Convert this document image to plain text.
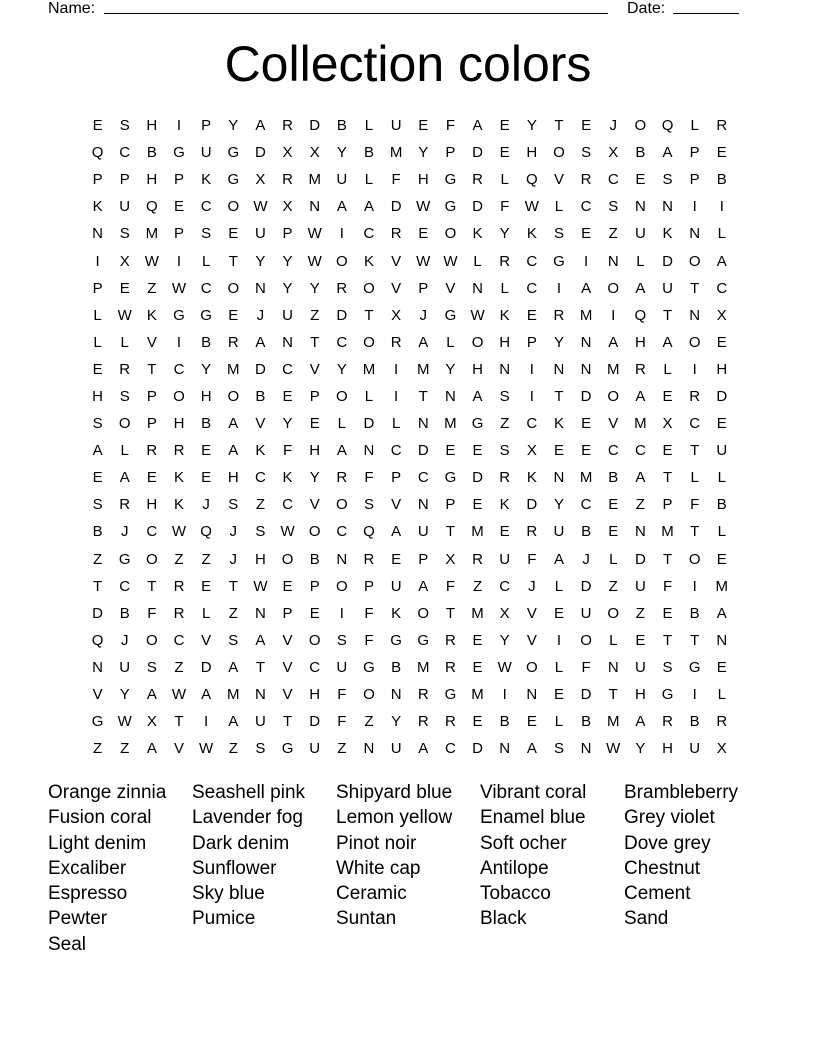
Name:	Date:
Collection colors
E	S	H	I	P	Y	A	R	D	B	L	U	E	F	A	E	Y	T	E	J	O	Q	L	R
Q	C	B	G	U	G	D	X	X	Y	B	M	Y	P	D	E	H	O	S	X	B	A	P	E
P	P	H	P	K	G	X	R	M	U	L	F	H	G	R	L	Q	V	R	C	E	S	P	B
K	U	Q	E	C	O W	X	N	A	A	D W G	D	F	W	L	C	S	N	N	I	I
N	S	M	P	S	E	U	P	W	I	C	R	E	O	K	Y	K	S	E	Z	U	K	N	L
I	X	W	I	L	T	Y	Y	W O	K	V	W W	L	R	C	G	I	N	L	D	O	A
P	E	Z	W C	O	N	Y	Y	R	O	V	P	V	N	L	C	I	A	O	A	U	T	C
L	W	K	G	G	E	J	U	Z	D	T	X	J	G W	K	E	R	M	I	Q	T	N	X
L	L	V	I	B	R	A	N	T	C	O	R	A	L	O	H	P	Y	N	A	H	A	O	E
E	R	T	C	Y	M	D	C	V	Y	M	I	M	Y	H	N	I	N	N	M	R	L	I	H
H	S	P	O	H	O	B	E	P	O	L	I	T	N	A	S	I	T	D	O	A	E	R	D
S	O	P	H	B	A	V	Y	E	L	D	L	N	M	G	Z	C	K	E	V	M	X	C	E
A	L	R	R	E	A	K	F	H	A	N	C	D	E	E	S	X	E	E	C	C	E	T	U
E	A	E	K	E	H	C	K	Y	R	F	P	C	G	D	R	K	N	M	B	A	T	L	L
S	R	H	K	J	S	Z	C	V	O	S	V	N	P	E	K	D	Y	C	E	Z	P	F	B
B	J	C W Q	J	S	W O	C	Q	A	U	T	M	E	R	U	B	E	N	M	T	L
Z	G	O	Z	Z	J	H	O	B	N	R	E	P	X	R	U	F	A	J	L	D	T	O	E
T	C	T	R	E	T	W	E	P	O	P	U	A	F	Z	C	J	L	D	Z	U	F	I	M
D	B	F	R	L	Z	N	P	E	I	F	K	O	T	M	X	V	E	U	O	Z	E	B	A
Q	J	O	C	V	S	A	V	O	S	F	G	G	R	E	Y	V	I	O	L	E	T	T	N
N	U	S	Z	D	A	T	V	C	U	G	B	M	R	E	W O	L	F	N	U	S	G	E
V	Y	A	W	A	M	N	V	H	F	O	N	R	G	M	I	N	E	D	T	H	G	I	L
G W	X	T	I	A	U	T	D	F	Z	Y	R	R	E	B	E	L	B	M	A	R	B	R
Z	Z	A	V	W	Z	S	G	U	Z	N	U	A	C	D	N	A	S	N W	Y	H	U	X
Orange zinnia
Fusion coral
Light denim
Excaliber
Espresso
Pewter
Seal
Seashell pink
Lavender fog
Dark denim
Sunflower
Sky blue
Pumice
Shipyard blue
Lemon yellow
Pinot noir
White cap
Ceramic
Suntan
Vibrant coral
Enamel blue
Soft ocher
Antilope
Tobacco
Black
Brambleberry
Grey violet
Dove grey
Chestnut
Cement
Sand
